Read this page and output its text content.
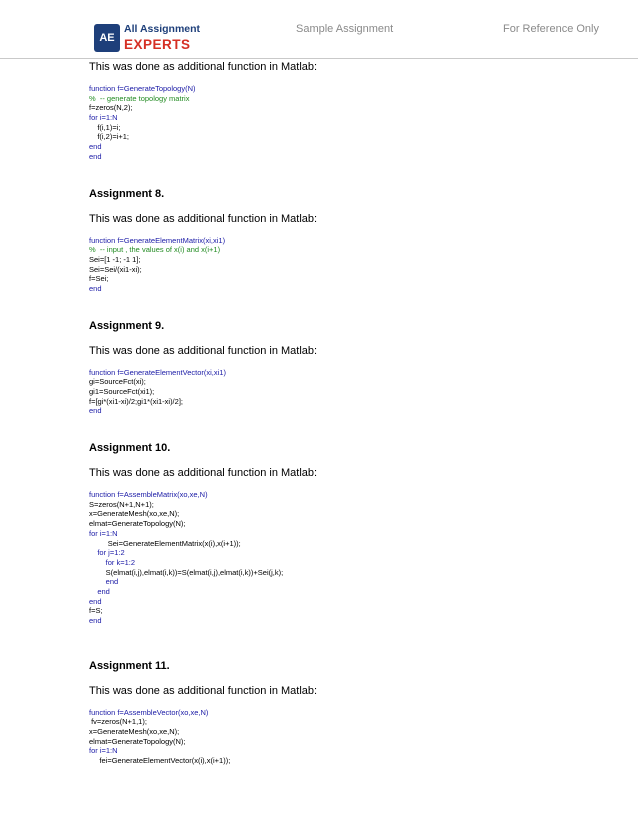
AE
All Assignment
EXPERTS
Sample Assignment	For Reference Only

This was done as additional function in Matlab:

function f=GenerateTopology(N)
%  -- generate topology matrix
f=zeros(N,2);
for i=1:N
f(i,1)=i;
f(i,2)=i+1;
end
end

Assignment 8.

This was done as additional function in Matlab:

function f=GenerateElementMatrix(xi,xi1)
%  -- input , the values of x(i) and x(i+1)
Sei=[1 -1; -1 1];
Sei=Sei/(xi1-xi);
f=Sei;
end

Assignment 9.

This was done as additional function in Matlab:

function f=GenerateElementVector(xi,xi1)
gi=SourceFct(xi);
gi1=SourceFct(xi1);
f=[gi*(xi1-xi)/2;gi1*(xi1-xi)/2];
end

Assignment 10.

This was done as additional function in Matlab:

function f=AssembleMatrix(xo,xe,N)
S=zeros(N+1,N+1);
x=GenerateMesh(xo,xe,N);
elmat=GenerateTopology(N);
for i=1:N
Sei=GenerateElementMatrix(x(i),x(i+1));
for j=1:2
for k=1:2
S(elmat(i,j),elmat(i,k))=S(elmat(i,j),elmat(i,k))+Sei(j,k);
end
end
end
f=S;
end

Assignment 11.

This was done as additional function in Matlab:

function f=AssembleVector(xo,xe,N)
fv=zeros(N+1,1);
x=GenerateMesh(xo,xe,N);
elmat=GenerateTopology(N);
for i=1:N
fei=GenerateElementVector(x(i),x(i+1));
